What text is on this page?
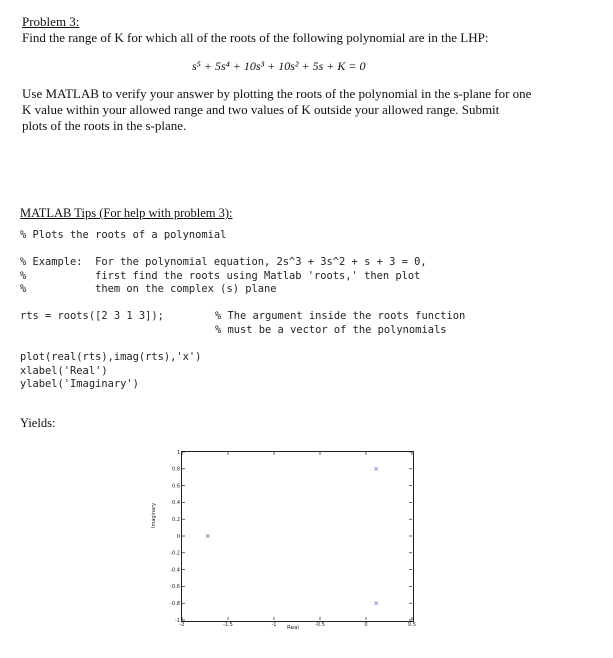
Problem 3:
Find the range of K for which all of the roots of the following polynomial are in the LHP:
s⁵ + 5s⁴ + 10s³ + 10s² + 5s + K = 0
Use MATLAB to verify your answer by plotting the roots of the polynomial in the s-plane for one
K value within your allowed range and two values of K outside your allowed range. Submit
plots of the roots in the s-plane.
MATLAB Tips (For help with problem 3):
% Plots the roots of a polynomial
% Example:  For the polynomial equation, 2s^3 + 3s^2 + s + 3 = 0,
%           first find the roots using Matlab 'roots,' then plot
%           them on the complex (s) plane
rts = roots([2 3 1 3]);	% The argument inside the roots function
% must be a vector of the polynomials
plot(real(rts),imag(rts),'x')
xlabel('Real')
ylabel('Imaginary')
Yields:
-2	-1.5	-1	-0.5	0	0.5
1
0.8
0.6
0.4
0.2
0
-0.2
-0.4
-0.6
-0.8
-1
Real
Imaginary
